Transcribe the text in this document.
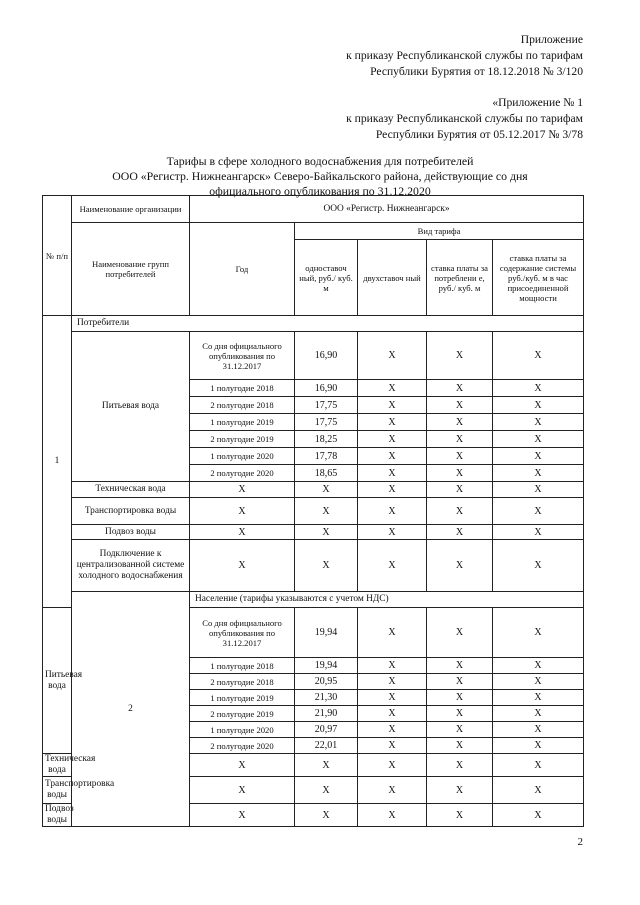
Приложение
к приказу Республиканской службы по тарифам
Республики Бурятия от 18.12.2018 № 3/120
«Приложение № 1
к приказу Республиканской службы по тарифам
Республики Бурятия от 05.12.2017 № 3/78
Тарифы в сфере холодного водоснабжения для потребителей
ООО «Регистр. Нижнеангарск» Северо-Байкальского района, действующие со дня
официального опубликования по 31.12.2020
№ п/п	Наименование организации	ООО «Регистр. Нижнеангарск»				
	Наименование групп потребителей	Год	Вид тарифа			
			одноставоч ный, руб./ куб. м	двухставоч ный	ставка платы за потреблени е, руб./ куб. м	ставка платы за содержание системы руб./куб. м в час присоединенной мощности
1	Потребители					
	Питьевая вода	Со дня официального опубликования по 31.12.2017	16,90	X	X	X
		1 полугодие 2018	16,90	X	X	X
		2 полугодие 2018	17,75	X	X	X
		1 полугодие 2019	17,75	X	X	X
		2 полугодие 2019	18,25	X	X	X
		1 полугодие 2020	17,78	X	X	X
		2 полугодие 2020	18,65	X	X	X
	Техническая вода	X	X	X	X	X
	Транспортировка воды	X	X	X	X	X
	Подвоз воды	X	X	X	X	X
	Подключение к централизованной системе холодного водоснабжения	X	X	X	X	X
	2	Население (тарифы указываются с учетом НДС)				
Питьевая вода		Со дня официального опубликования по 31.12.2017	19,94	X	X	X
		1 полугодие 2018	19,94	X	X	X
		2 полугодие 2018	20,95	X	X	X
		1 полугодие 2019	21,30	X	X	X
		2 полугодие 2019	21,90	X	X	X
		1 полугодие 2020	20,97	X	X	X
		2 полугодие 2020	22,01	X	X	X
Техническая вода		X	X	X	X	X
Транспортировка воды		X	X	X	X	X
Подвоз воды		X	X	X	X	X
2
